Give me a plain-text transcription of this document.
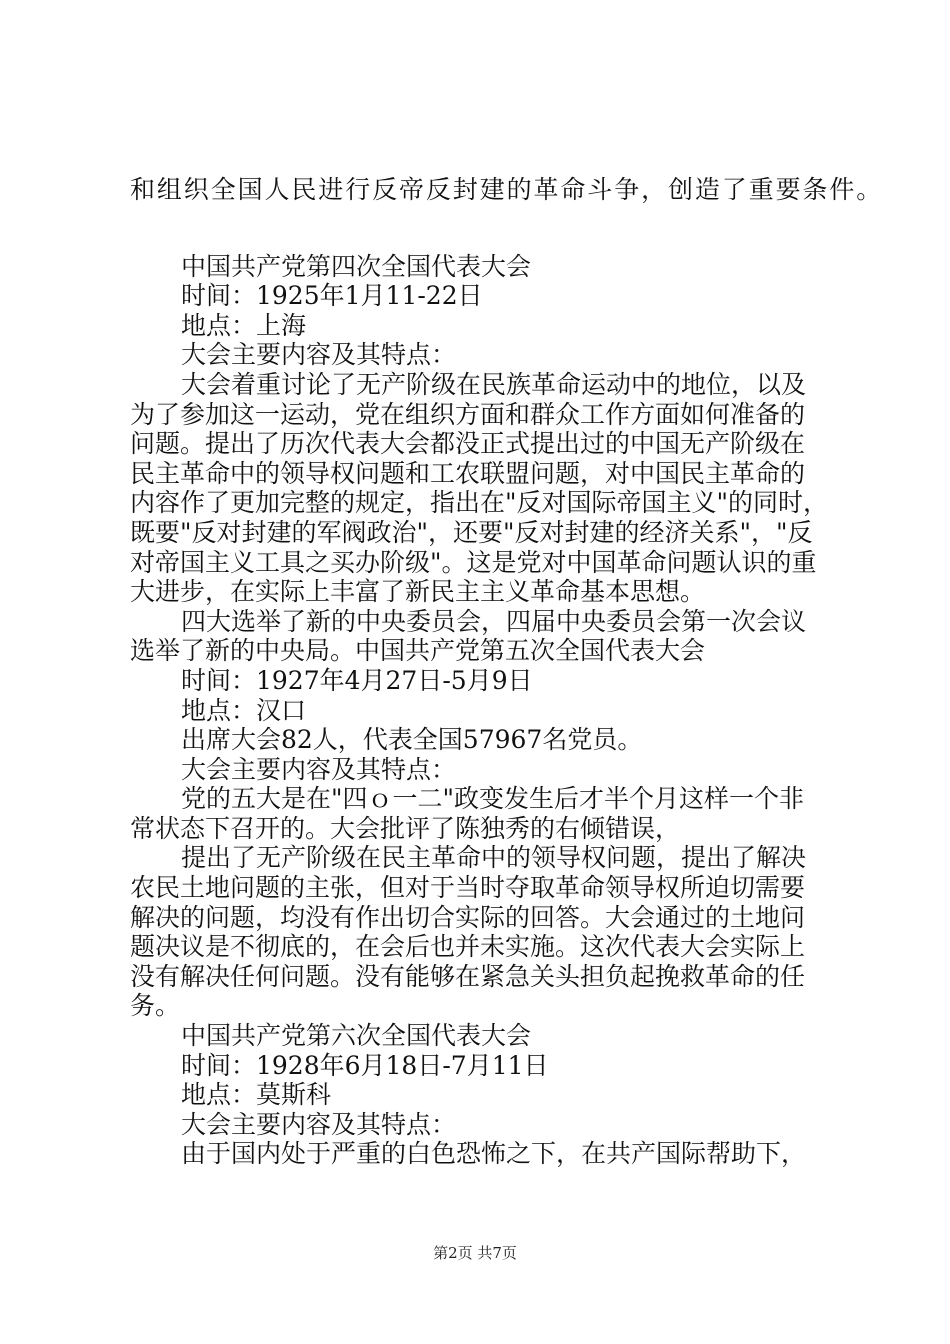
和组织全国人民进行反帝反封建的革命斗争，创造了重要条件。
中国共产党第四次全国代表大会
时间：1925年1月11-22日
地点：上海
大会主要内容及其特点：
大会着重讨论了无产阶级在民族革命运动中的地位，以及
为了参加这一运动，党在组织方面和群众工作方面如何准备的
问题。提出了历次代表大会都没正式提出过的中国无产阶级在
民主革命中的领导权问题和工农联盟问题，对中国民主革命的
内容作了更加完整的规定，指出在"反对国际帝国主义"的同时，
既要"反对封建的军阀政治"，还要"反对封建的经济关系"，"反
对帝国主义工具之买办阶级"。这是党对中国革命问题认识的重
大进步，在实际上丰富了新民主主义革命基本思想。
四大选举了新的中央委员会，四届中央委员会第一次会议
选举了新的中央局。中国共产党第五次全国代表大会
时间：1927年4月27日-5月9日
地点：汉口
出席大会82人，代表全国57967名党员。
大会主要内容及其特点：
党的五大是在"四ｏ一二"政变发生后才半个月这样一个非
常状态下召开的。大会批评了陈独秀的右倾错误，
提出了无产阶级在民主革命中的领导权问题，提出了解决
农民土地问题的主张，但对于当时夺取革命领导权所迫切需要
解决的问题，均没有作出切合实际的回答。大会通过的土地问
题决议是不彻底的，在会后也并未实施。这次代表大会实际上
没有解决任何问题。没有能够在紧急关头担负起挽救革命的任
务。
中国共产党第六次全国代表大会
时间：1928年6月18日-7月11日
地点：莫斯科
大会主要内容及其特点：
由于国内处于严重的白色恐怖之下，在共产国际帮助下，
第2页 共7页
